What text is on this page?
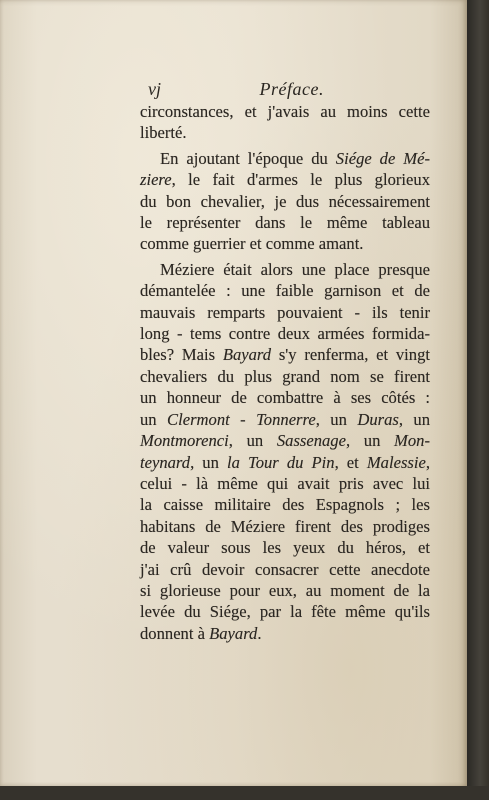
vj	Préface.

circonstances, et j'avais au moins cette
liberté.

En ajoutant l'époque du Siége de Mé-
ziere, le fait d'armes le plus glorieux
du bon chevalier, je dus nécessairement
le représenter dans le même tableau
comme guerrier et comme amant.

Méziere était alors une place presque
démantelée : une faible garnison et de
mauvais remparts pouvaient - ils tenir
long - tems contre deux armées formida-
bles? Mais Bayard s'y renferma, et vingt
chevaliers du plus grand nom se firent
un honneur de combattre à ses côtés :
un Clermont - Tonnerre, un Duras, un
Montmorenci, un Sassenage, un Mon-
teynard, un la Tour du Pin, et Malessie,
celui - là même qui avait pris avec lui
la caisse militaire des Espagnols ; les
habitans de Méziere firent des prodiges
de valeur sous les yeux du héros, et
j'ai crû devoir consacrer cette anecdote
si glorieuse pour eux, au moment de la
levée du Siége, par la fête même qu'ils
donnent à Bayard.
